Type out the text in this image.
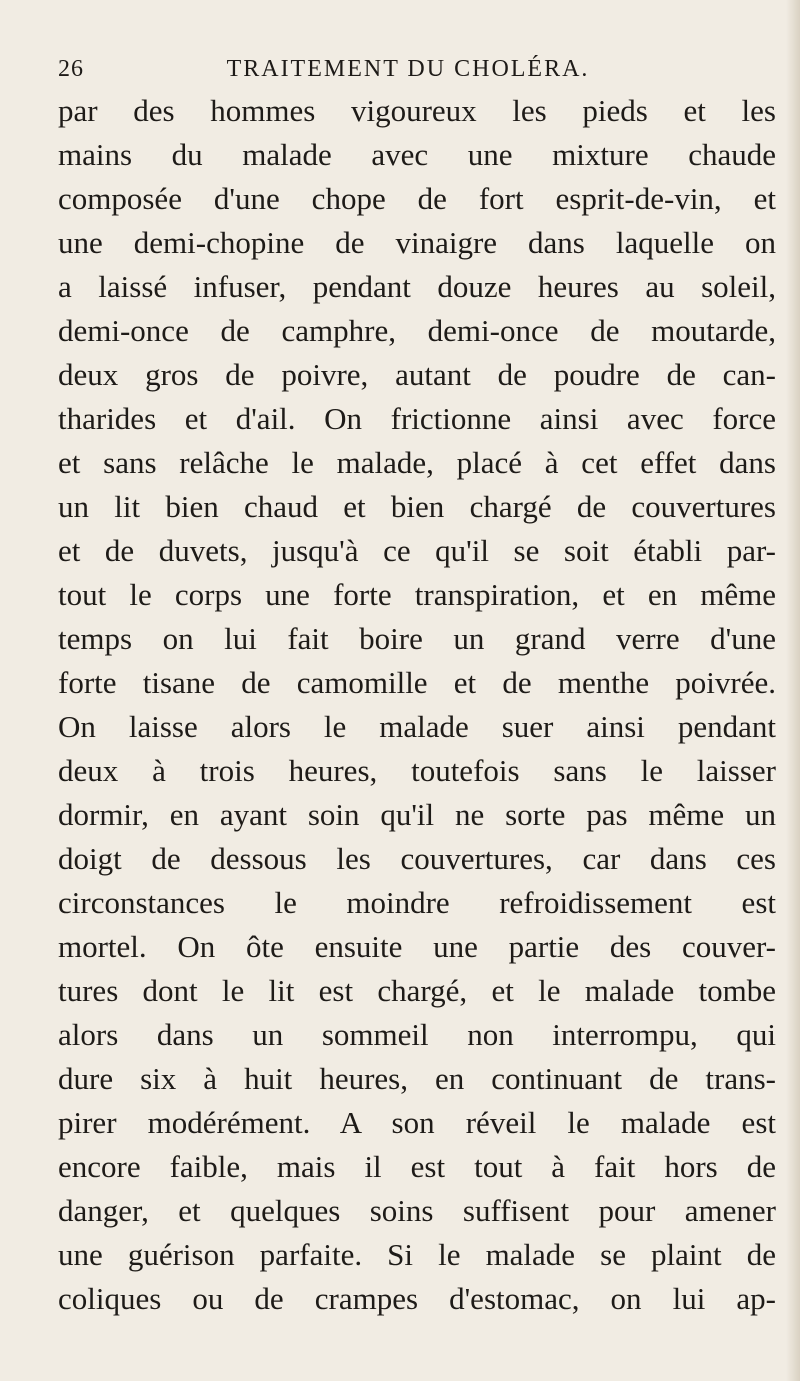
26	TRAITEMENT DU CHOLÉRA.
par des hommes vigoureux les pieds et les
mains du malade avec une mixture chaude
composée d'une chope de fort esprit-de-vin, et
une demi-chopine de vinaigre dans laquelle on
a laissé infuser, pendant douze heures au soleil,
demi-once de camphre, demi-once de moutarde,
deux gros de poivre, autant de poudre de can-
tharides et d'ail. On frictionne ainsi avec force
et sans relâche le malade, placé à cet effet dans
un lit bien chaud et bien chargé de couvertures
et de duvets, jusqu'à ce qu'il se soit établi par-
tout le corps une forte transpiration, et en même
temps on lui fait boire un grand verre d'une
forte tisane de camomille et de menthe poivrée.
On laisse alors le malade suer ainsi pendant
deux à trois heures, toutefois sans le laisser
dormir, en ayant soin qu'il ne sorte pas même un
doigt de dessous les couvertures, car dans ces
circonstances le moindre refroidissement est
mortel. On ôte ensuite une partie des couver-
tures dont le lit est chargé, et le malade tombe
alors dans un sommeil non interrompu, qui
dure six à huit heures, en continuant de trans-
pirer modérément. A son réveil le malade est
encore faible, mais il est tout à fait hors de
danger, et quelques soins suffisent pour amener
une guérison parfaite. Si le malade se plaint de
coliques ou de crampes d'estomac, on lui ap-
